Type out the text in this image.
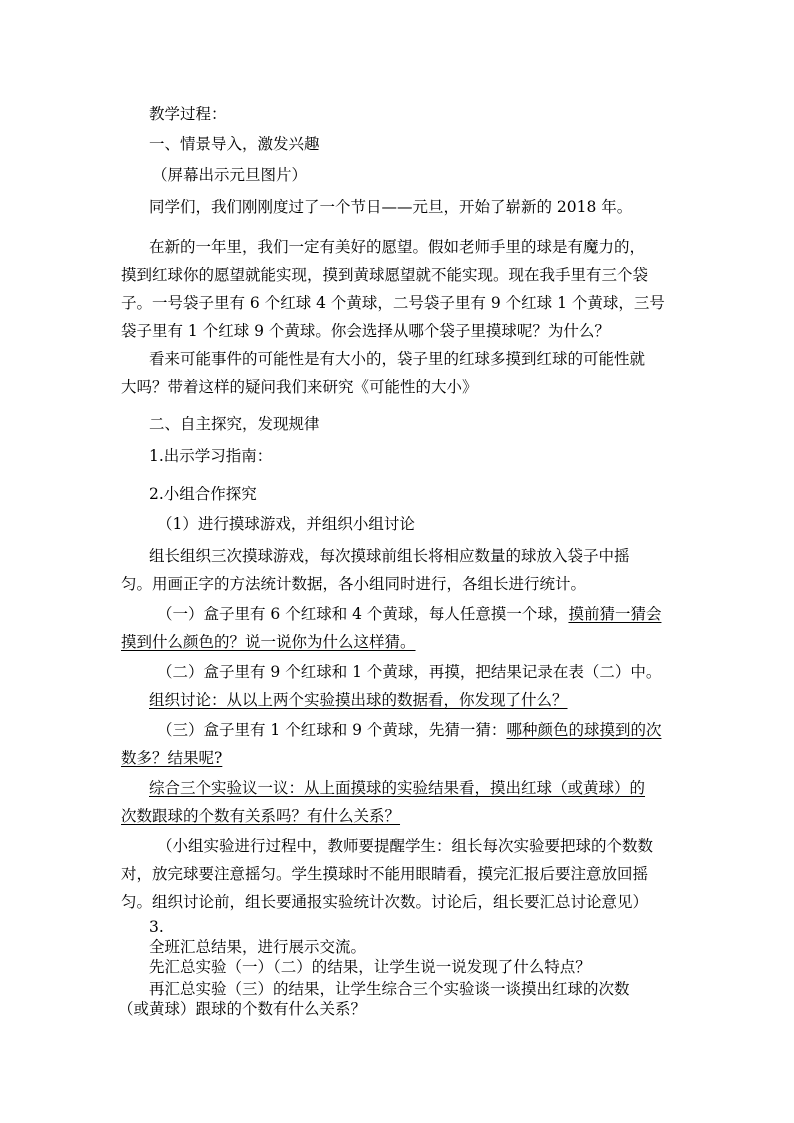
教学过程：
一、情景导入，激发兴趣
（屏幕出示元旦图片）
同学们，我们刚刚度过了一个节日——元旦，开始了崭新的 2018 年。
在新的一年里，我们一定有美好的愿望。假如老师手里的球是有魔力的，
摸到红球你的愿望就能实现，摸到黄球愿望就不能实现。现在我手里有三个袋
子。一号袋子里有 6 个红球 4 个黄球，二号袋子里有 9 个红球 1 个黄球，三号
袋子里有 1 个红球 9 个黄球。你会选择从哪个袋子里摸球呢？为什么？
看来可能事件的可能性是有大小的，袋子里的红球多摸到红球的可能性就
大吗？带着这样的疑问我们来研究《可能性的大小》
二、自主探究，发现规律
1.出示学习指南：
2.小组合作探究
（1）进行摸球游戏，并组织小组讨论
组长组织三次摸球游戏，每次摸球前组长将相应数量的球放入袋子中摇
匀。用画正字的方法统计数据，各小组同时进行，各组长进行统计。
（一）盒子里有 6 个红球和 4 个黄球，每人任意摸一个球，摸前猜一猜会
摸到什么颜色的？说一说你为什么这样猜。
（二）盒子里有 9 个红球和 1 个黄球，再摸，把结果记录在表（二）中。
组织讨论：从以上两个实验摸出球的数据看，你发现了什么？
（三）盒子里有 1 个红球和 9 个黄球，先猜一猜：哪种颜色的球摸到的次
数多？结果呢?
综合三个实验议一议：从上面摸球的实验结果看，摸出红球（或黄球）的
次数跟球的个数有关系吗？有什么关系？
（小组实验进行过程中，教师要提醒学生：组长每次实验要把球的个数数
对，放完球要注意摇匀。学生摸球时不能用眼睛看，摸完汇报后要注意放回摇
匀。组织讨论前，组长要通报实验统计次数。讨论后，组长要汇总讨论意见）
3.
全班汇总结果，进行展示交流。
先汇总实验（一）（二）的结果，让学生说一说发现了什么特点？
再汇总实验（三）的结果，让学生综合三个实验谈一谈摸出红球的次数
（或黄球）跟球的个数有什么关系？
